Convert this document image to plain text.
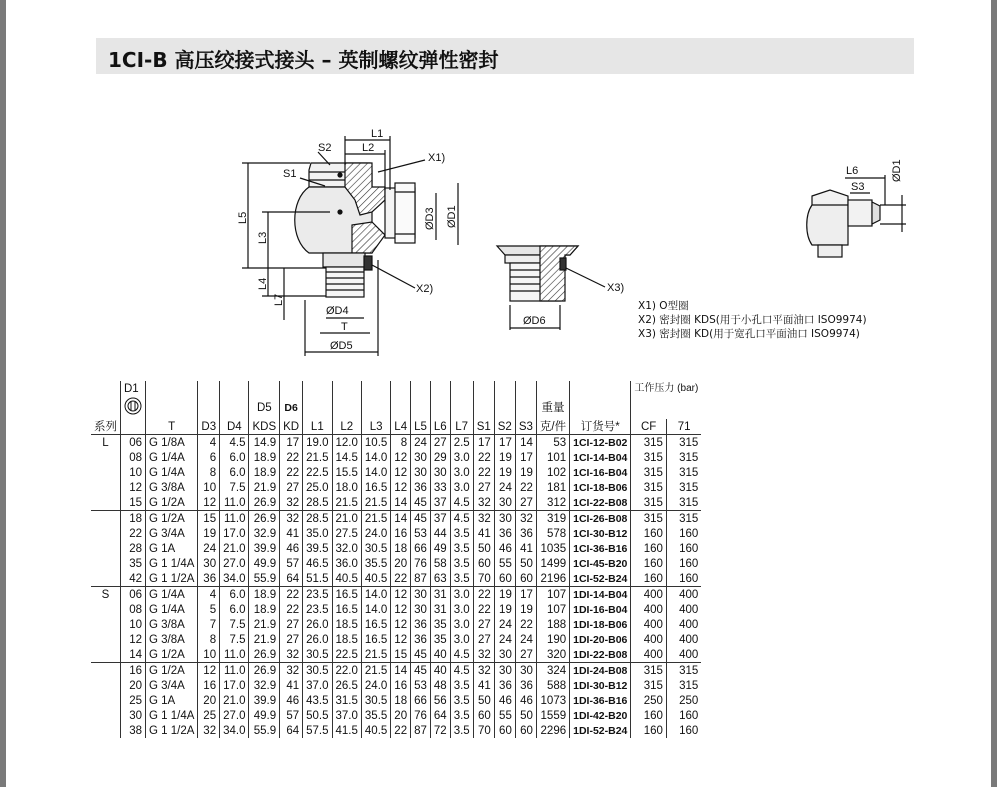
1CI-B 高压绞接式接头 – 英制螺纹弹性密封
L1
L2
S2
X1)
S1
L5
L3
ØD3 ØD1
L4
L7
X2)
ØD4
T
ØD5
X3)
ØD6
L6
S3
ØD1
X1) O型圈
X2) 密封圈 KDS(用于小孔口平面油口 ISO9974)
X3) 密封圈 KD(用于宽孔口平面油口 ISO9974)
	D1																		工作压力 (bar)	
					D5	D6											重量			
系列		T	D3	D4	KDS	KD	L1	L2	L3	L4	L5	L6	L7	S1	S2	S3	克/件	订货号*	CF	71
L	06	G 1/8A	4	4.5	14.9	17	19.0	12.0	10.5	8	24	27	2.5	17	17	14	53	1CI-12-B02	315	315
	08	G 1/4A	6	6.0	18.9	22	21.5	14.5	14.0	12	30	29	3.0	22	19	17	101	1CI-14-B04	315	315
	10	G 1/4A	8	6.0	18.9	22	22.5	15.5	14.0	12	30	30	3.0	22	19	19	102	1CI-16-B04	315	315
	12	G 3/8A	10	7.5	21.9	27	25.0	18.0	16.5	12	36	33	3.0	27	24	22	181	1CI-18-B06	315	315
	15	G 1/2A	12	11.0	26.9	32	28.5	21.5	21.5	14	45	37	4.5	32	30	27	312	1CI-22-B08	315	315
	18	G 1/2A	15	11.0	26.9	32	28.5	21.0	21.5	14	45	37	4.5	32	30	32	319	1CI-26-B08	315	315
	22	G 3/4A	19	17.0	32.9	41	35.0	27.5	24.0	16	53	44	3.5	41	36	36	578	1CI-30-B12	160	160
	28	G 1A	24	21.0	39.9	46	39.5	32.0	30.5	18	66	49	3.5	50	46	41	1035	1CI-36-B16	160	160
	35	G 1 1/4A	30	27.0	49.9	57	46.5	36.0	35.5	20	76	58	3.5	60	55	50	1499	1CI-45-B20	160	160
	42	G 1 1/2A	36	34.0	55.9	64	51.5	40.5	40.5	22	87	63	3.5	70	60	60	2196	1CI-52-B24	160	160
S	06	G 1/4A	4	6.0	18.9	22	23.5	16.5	14.0	12	30	31	3.0	22	19	17	107	1DI-14-B04	400	400
	08	G 1/4A	5	6.0	18.9	22	23.5	16.5	14.0	12	30	31	3.0	22	19	19	107	1DI-16-B04	400	400
	10	G 3/8A	7	7.5	21.9	27	26.0	18.5	16.5	12	36	35	3.0	27	24	22	188	1DI-18-B06	400	400
	12	G 3/8A	8	7.5	21.9	27	26.0	18.5	16.5	12	36	35	3.0	27	24	24	190	1DI-20-B06	400	400
	14	G 1/2A	10	11.0	26.9	32	30.5	22.5	21.5	15	45	40	4.5	32	30	27	320	1DI-22-B08	400	400
	16	G 1/2A	12	11.0	26.9	32	30.5	22.0	21.5	14	45	40	4.5	32	30	30	324	1DI-24-B08	315	315
	20	G 3/4A	16	17.0	32.9	41	37.0	26.5	24.0	16	53	48	3.5	41	36	36	588	1DI-30-B12	315	315
	25	G 1A	20	21.0	39.9	46	43.5	31.5	30.5	18	66	56	3.5	50	46	46	1073	1DI-36-B16	250	250
	30	G 1 1/4A	25	27.0	49.9	57	50.5	37.0	35.5	20	76	64	3.5	60	55	50	1559	1DI-42-B20	160	160
	38	G 1 1/2A	32	34.0	55.9	64	57.5	41.5	40.5	22	87	72	3.5	70	60	60	2296	1DI-52-B24	160	160
